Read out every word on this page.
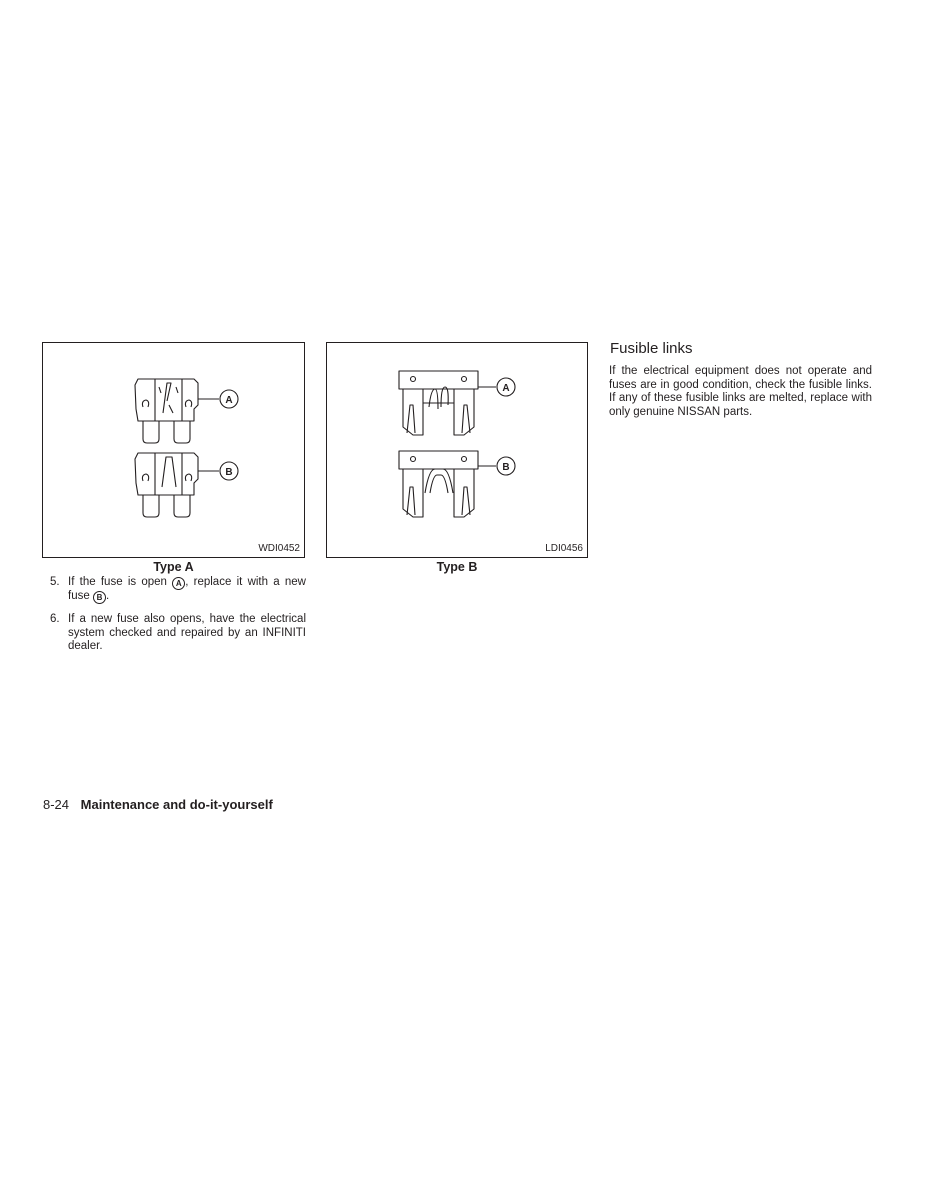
A
B
WDI0452
Type A
A
B
LDI0456
Type B
5. If the fuse is open A , replace it with a new fuse B .
6. If a new fuse also opens, have the electrical system checked and repaired by an INFINITI dealer.
Fusible links
If the electrical equipment does not operate and fuses are in good condition, check the fusible links. If any of these fusible links are melted, replace with only genuine NISSAN parts.
8-24 Maintenance and do-it-yourself
